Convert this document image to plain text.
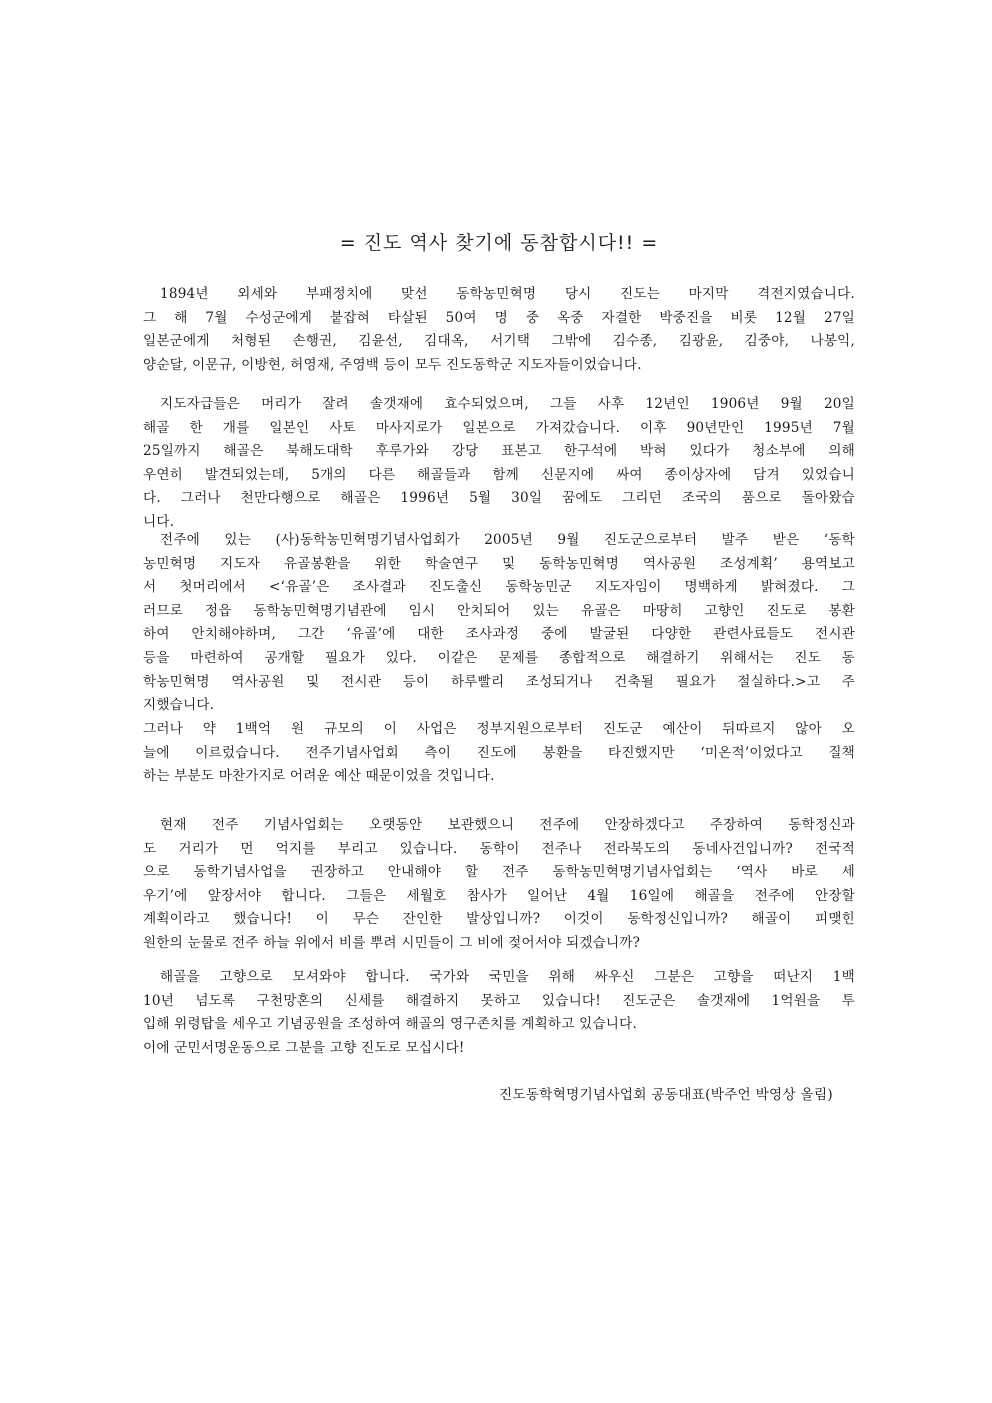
= 진도 역사 찾기에 동참합시다!! =
1894년 외세와 부패정치에 맞선 동학농민혁명 당시 진도는 마지막 격전지였습니다.
그 해 7월 수성군에게 붙잡혀 타살된 50여 명 중 옥중 자결한 박중진을 비롯 12월 27일
일본군에게 처형된 손행권, 김윤선, 김대옥, 서기택 그밖에 김수종, 김광윤, 김중야, 나봉익,
양순달, 이문규, 이방현, 허영재, 주영백 등이 모두 진도동학군 지도자들이었습니다.
지도자급들은 머리가 잘려 솔갯재에 효수되었으며, 그들 사후 12년인 1906년 9월 20일
해골 한 개를 일본인 사토 마사지로가 일본으로 가져갔습니다. 이후 90년만인 1995년 7월
25일까지 해골은 북해도대학 후루가와 강당 표본고 한구석에 박혀 있다가 청소부에 의해
우연히 발견되었는데, 5개의 다른 해골들과 함께 신문지에 싸여 종이상자에 담겨 있었습니
다. 그러나 천만다행으로 해골은 1996년 5월 30일 꿈에도 그리던 조국의 품으로 돌아왔습
니다.
전주에 있는 (사)동학농민혁명기념사업회가 2005년 9월 진도군으로부터 발주 받은 ‘동학
농민혁명 지도자 유골봉환을 위한 학술연구 및 동학농민혁명 역사공원 조성계획’ 용역보고
서 첫머리에서 <‘유골’은 조사결과 진도출신 동학농민군 지도자임이 명백하게 밝혀졌다. 그
러므로 정읍 동학농민혁명기념관에 임시 안치되어 있는 유골은 마땅히 고향인 진도로 봉환
하여 안치해야하며, 그간 ‘유골’에 대한 조사과정 중에 발굴된 다양한 관련사료들도 전시관
등을 마련하여 공개할 필요가 있다. 이같은 문제를 종합적으로 해결하기 위해서는 진도 동
학농민혁명 역사공원 및 전시관 등이 하루빨리 조성되거나 건축될 필요가 절실하다.>고 주
지했습니다.
그러나 약 1백억 원 규모의 이 사업은 정부지원으로부터 진도군 예산이 뒤따르지 않아 오
늘에 이르렀습니다. 전주기념사업회 측이 진도에 봉환을 타진했지만 ‘미온적’이었다고 질책
하는 부분도 마찬가지로 어려운 예산 때문이었을 것입니다.
현재 전주 기념사업회는 오랫동안 보관했으니 전주에 안장하겠다고 주장하여 동학정신과
도 거리가 먼 억지를 부리고 있습니다. 동학이 전주나 전라북도의 동네사건입니까? 전국적
으로 동학기념사업을 권장하고 안내해야 할 전주 동학농민혁명기념사업회는 ‘역사 바로 세
우기’에 앞장서야 합니다. 그들은 세월호 참사가 일어난 4월 16일에 해골을 전주에 안장할
계획이라고 했습니다! 이 무슨 잔인한 발상입니까? 이것이 동학정신입니까? 해골이 피맺힌
원한의 눈물로 전주 하늘 위에서 비를 뿌려 시민들이 그 비에 젖어서야 되겠습니까?
해골을 고향으로 모셔와야 합니다. 국가와 국민을 위해 싸우신 그분은 고향을 떠난지 1백
10년 넘도록 구천망혼의 신세를 해결하지 못하고 있습니다! 진도군은 솔갯재에 1억원을 투
입해 위령탑을 세우고 기념공원을 조성하여 해골의 영구존치를 계획하고 있습니다.
이에 군민서명운동으로 그분을 고향 진도로 모십시다!
진도동학혁명기념사업회 공동대표(박주언 박영상 올림)
